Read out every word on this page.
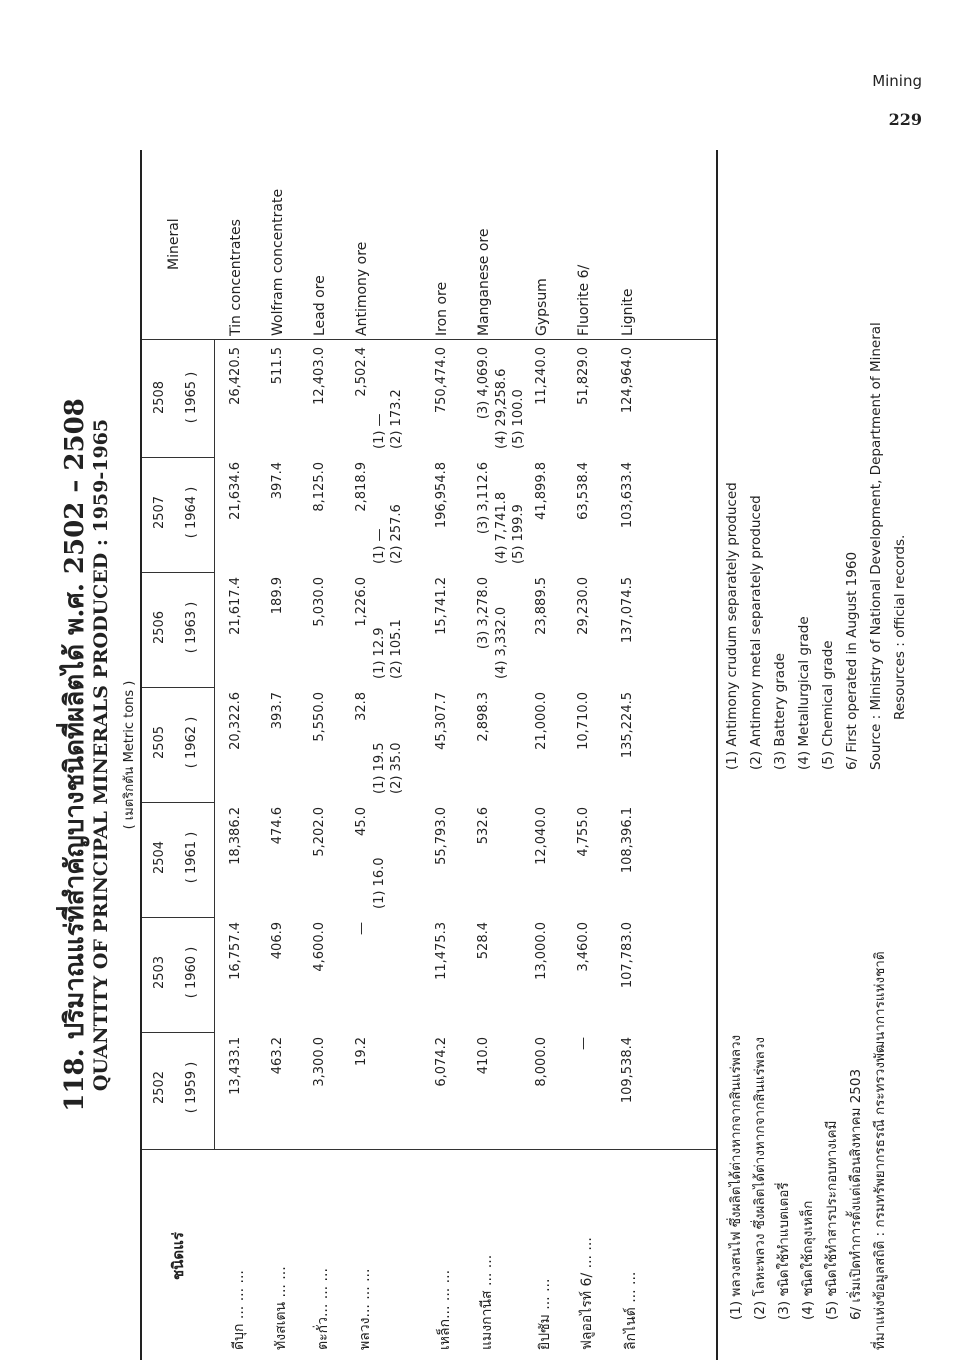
Mining
229
118. ปริมาณแร่ที่สำคัญบางชนิดที่ผลิตได้ พ.ศ. 2502 – 2508 QUANTITY OF PRINCIPAL MINERALS PRODUCED : 1959-1965 ( เมตริกตัน Metric tons )
ชนิดแร่
Mineral
2502 ( 1959 )
2503 ( 1960 )
2504 ( 1961 )
2505 ( 1962 )
2506 ( 1963 )
2507 ( 1964 )
2508 ( 1965 )
ดีบุก ... ... ...
Tin concentrates
13,433.1
16,757.4
18,386.2
20,322.6
21,617.4
21,634.6
26,420.5
ทังสเตน ... ...
Wolfram concentrate
463.2
406.9
474.6
393.7
189.9
397.4
511.5
ตะกั่ว... ... ...
Lead ore
3,300.0
4,600.0
5,202.0
5,550.0
5,030.0
8,125.0
12,403.0
พลวง... ... ...
Antimony ore
19.2
—
45.0
(1) 16.0
32.8
(1) 19.5 (2) 35.0
1,226.0
(1) 12.9 (2) 105.1
2,818.9
(1) — (2) 257.6
2,502.4
(1) — (2) 173.2
เหล็ก... ... ...
Iron ore
6,074.2
11,475.3
55,793.0
45,307.7
15,741.2
196,954.8
750,474.0
แมงกานีส ... ...
Manganese ore
410.0
528.4
532.6
2,898.3
(3) 3,278.0 (4) 3,332.0
(3) 3,112.6 (4) 7,741.8 (5) 199.9
(3) 4,069.0 (4) 29,258.6 (5) 100.0
ยิปซัม ... ...
Gypsum
8,000.0
13,000.0
12,040.0
21,000.0
23,889.5
41,899.8
11,240.0
ฟลูออไรท์ 6/ ... ...
Fluorite 6/
—
3,460.0
4,755.0
10,710.0
29,230.0
63,538.4
51,829.0
ลิกไนต์ ... ...
Lignite
109,538.4
107,783.0
108,396.1
135,224.5
137,074.5
103,633.4
124,964.0
(1) พลวงสนไฟ ซึ่งผลิตได้ต่างหากจากสินแร่พลวง (2) โลหะพลวง ซึ่งผลิตได้ต่างหากจากสินแร่พลวง (3) ชนิดใช้ทำแบตเตอรี่ (4) ชนิดใช้ถลุงเหล็ก (5) ชนิดใช้ทำสารประกอบทางเคมี 6/ เริ่มเปิดทำการตั้งแต่เดือนสิงหาคม 2503 ที่มาแห่งข้อมูลสถิติ : กรมทรัพยากรธรณี กระทรวงพัฒนาการแห่งชาติ
(1) Antimony crudum separately produced (2) Antimony metal separately produced (3) Battery grade (4) Metallurgical grade (5) Chemical grade 6/ First operated in August 1960 Source : Ministry of National Development, Department of Mineral Resources : official records.
